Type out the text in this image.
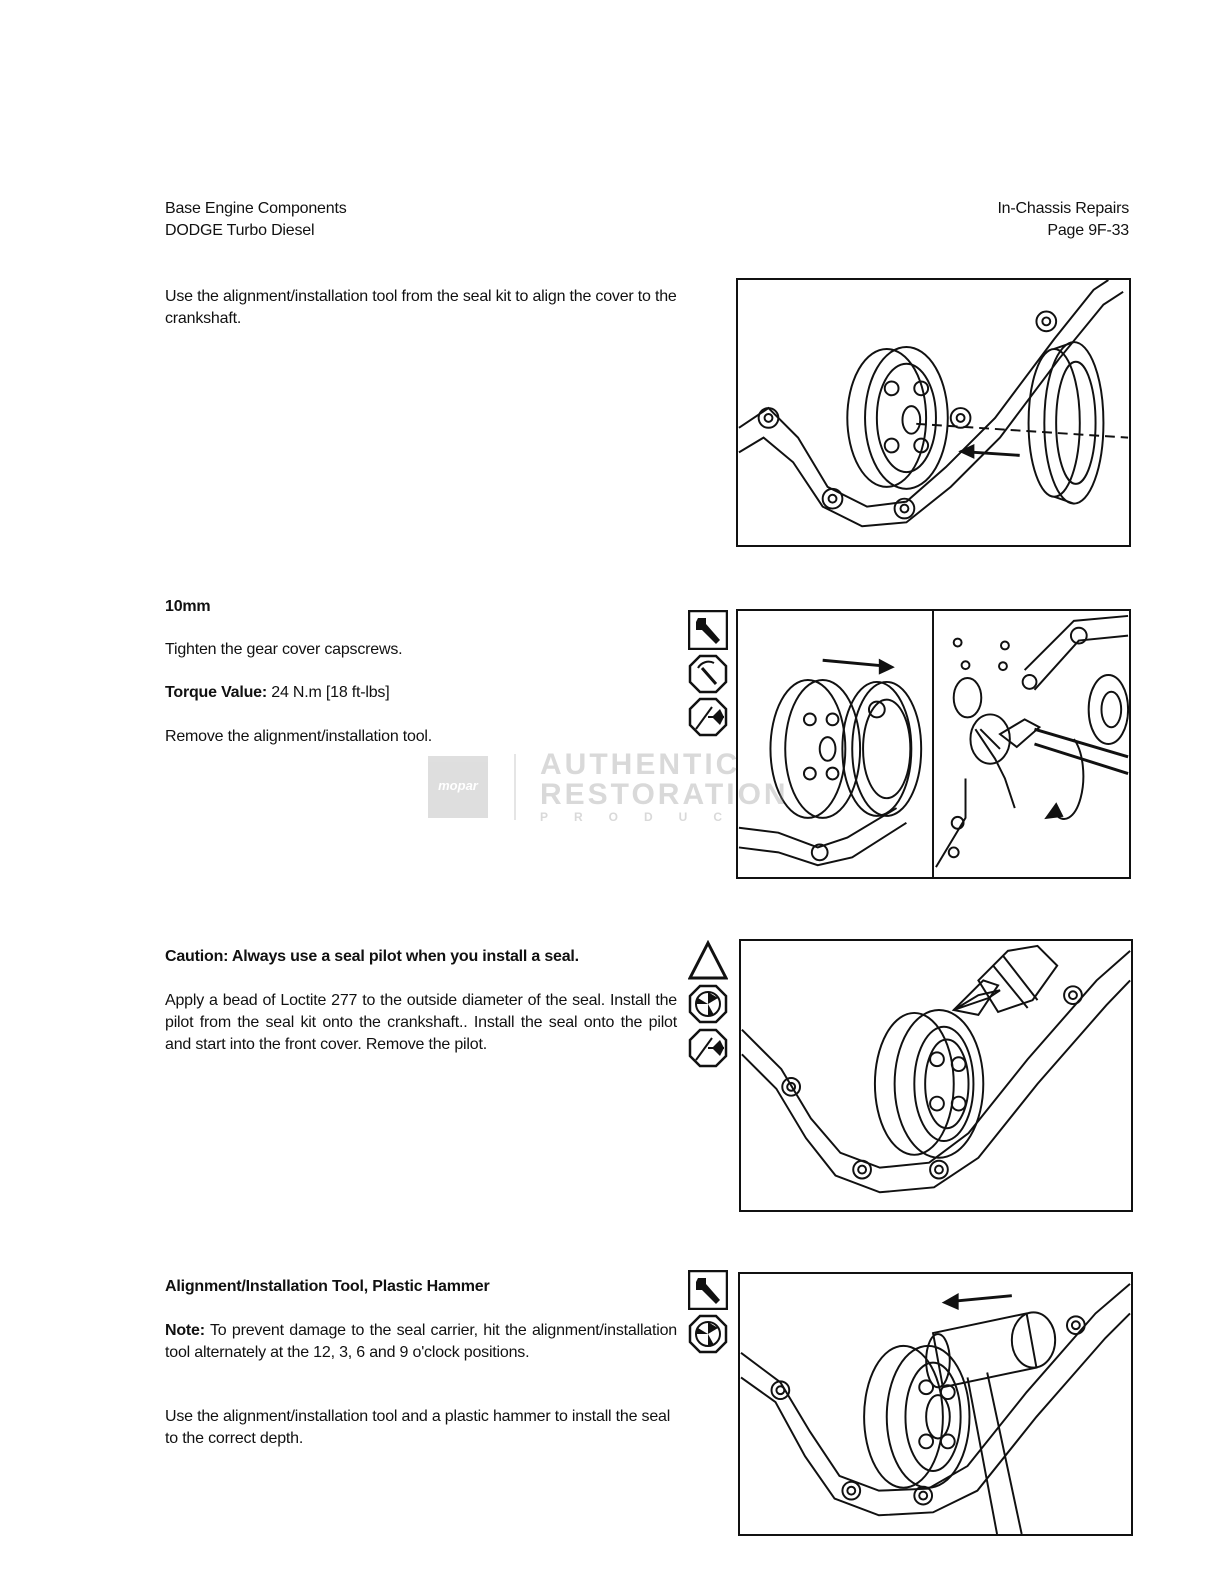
Base Engine Components
DODGE Turbo Diesel
In-Chassis Repairs
Page 9F-33
Use the alignment/installation tool from the seal kit to align the cover to the crankshaft.
10mm
Tighten the gear cover capscrews.
Torque Value: 24 N.m [18 ft-lbs]
Remove the alignment/installation tool.
mopar
AUTHENTIC
RESTORATION
PRODUC
Caution: Always use a seal pilot when you install a seal.
Apply a bead of Loctite 277 to the outside diameter of the seal. Install the pilot from the seal kit onto the crankshaft.. Install the seal onto the pilot and start into the front cover. Remove the pilot.
Alignment/Installation Tool, Plastic Hammer
Note: To prevent damage to the seal carrier, hit the alignment/installation tool alternately at the 12, 3, 6 and 9 o'clock positions.
Use the alignment/installation tool and a plastic hammer to install the seal to the correct depth.
